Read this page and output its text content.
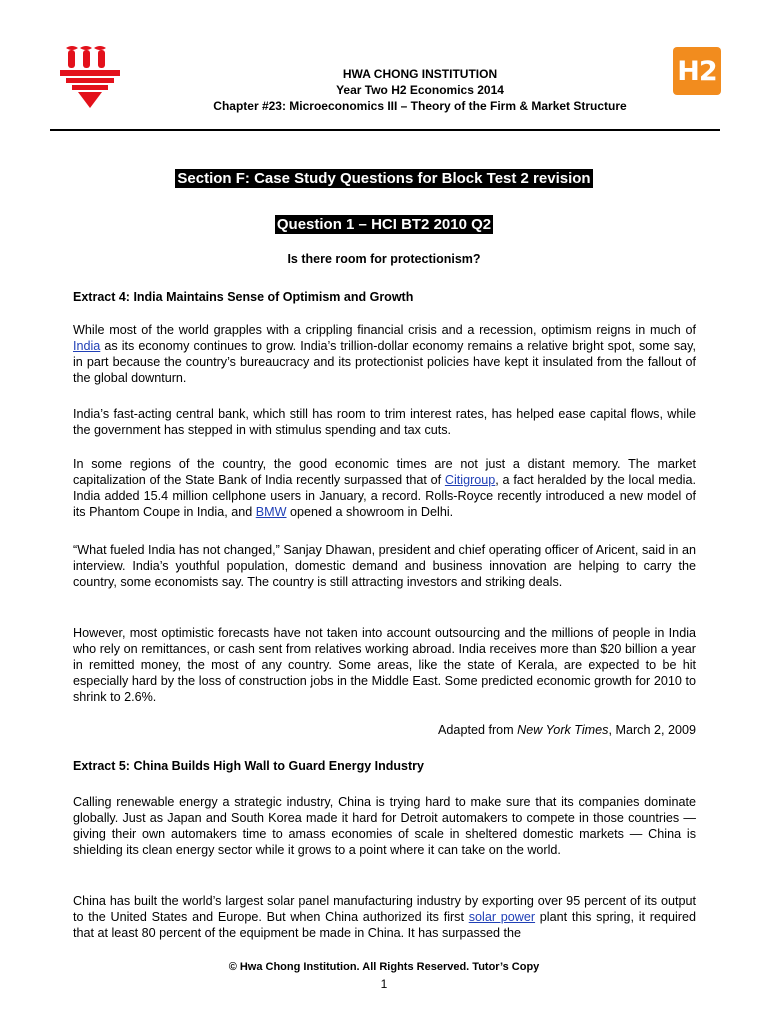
H2
HWA CHONG INSTITUTION
Year Two H2 Economics 2014
Chapter #23: Microeconomics III – Theory of the Firm & Market Structure
Section F: Case Study Questions for Block Test 2 revision
Question 1 – HCI BT2 2010 Q2
Is there room for protectionism?
Extract 4: India Maintains Sense of Optimism and Growth

While most of the world grapples with a crippling financial crisis and a recession, optimism reigns in much of India as its economy continues to grow. India’s trillion-dollar economy remains a relative bright spot, some say, in part because the country’s bureaucracy and its protectionist policies have kept it insulated from the fallout of the global downturn.

India’s fast-acting central bank, which still has room to trim interest rates, has helped ease capital flows, while the government has stepped in with stimulus spending and tax cuts.

In some regions of the country, the good economic times are not just a distant memory. The market capitalization of the State Bank of India recently surpassed that of Citigroup, a fact heralded by the local media. India added 15.4 million cellphone users in January, a record. Rolls-Royce recently introduced a new model of its Phantom Coupe in India, and BMW opened a showroom in Delhi.

“What fueled India has not changed,” Sanjay Dhawan, president and chief operating officer of Aricent, said in an interview. India’s youthful population, domestic demand and business innovation are helping to carry the country, some economists say. The country is still attracting investors and striking deals.

However, most optimistic forecasts have not taken into account outsourcing and the millions of people in India who rely on remittances, or cash sent from relatives working abroad. India receives more than $20 billion a year in remitted money, the most of any country. Some areas, like the state of Kerala, are expected to be hit especially hard by the loss of construction jobs in the Middle East. Some predicted economic growth for 2010 to shrink to 2.6%.

Adapted from New York Times, March 2, 2009
Extract 5: China Builds High Wall to Guard Energy Industry

Calling renewable energy a strategic industry, China is trying hard to make sure that its companies dominate globally. Just as Japan and South Korea made it hard for Detroit automakers to compete in those countries — giving their own automakers time to amass economies of scale in sheltered domestic markets — China is shielding its clean energy sector while it grows to a point where it can take on the world.

China has built the world’s largest solar panel manufacturing industry by exporting over 95 percent of its output to the United States and Europe. But when China authorized its first solar power plant this spring, it required that at least 80 percent of the equipment be made in China. It has surpassed the

© Hwa Chong Institution. All Rights Reserved. Tutor’s Copy
1
